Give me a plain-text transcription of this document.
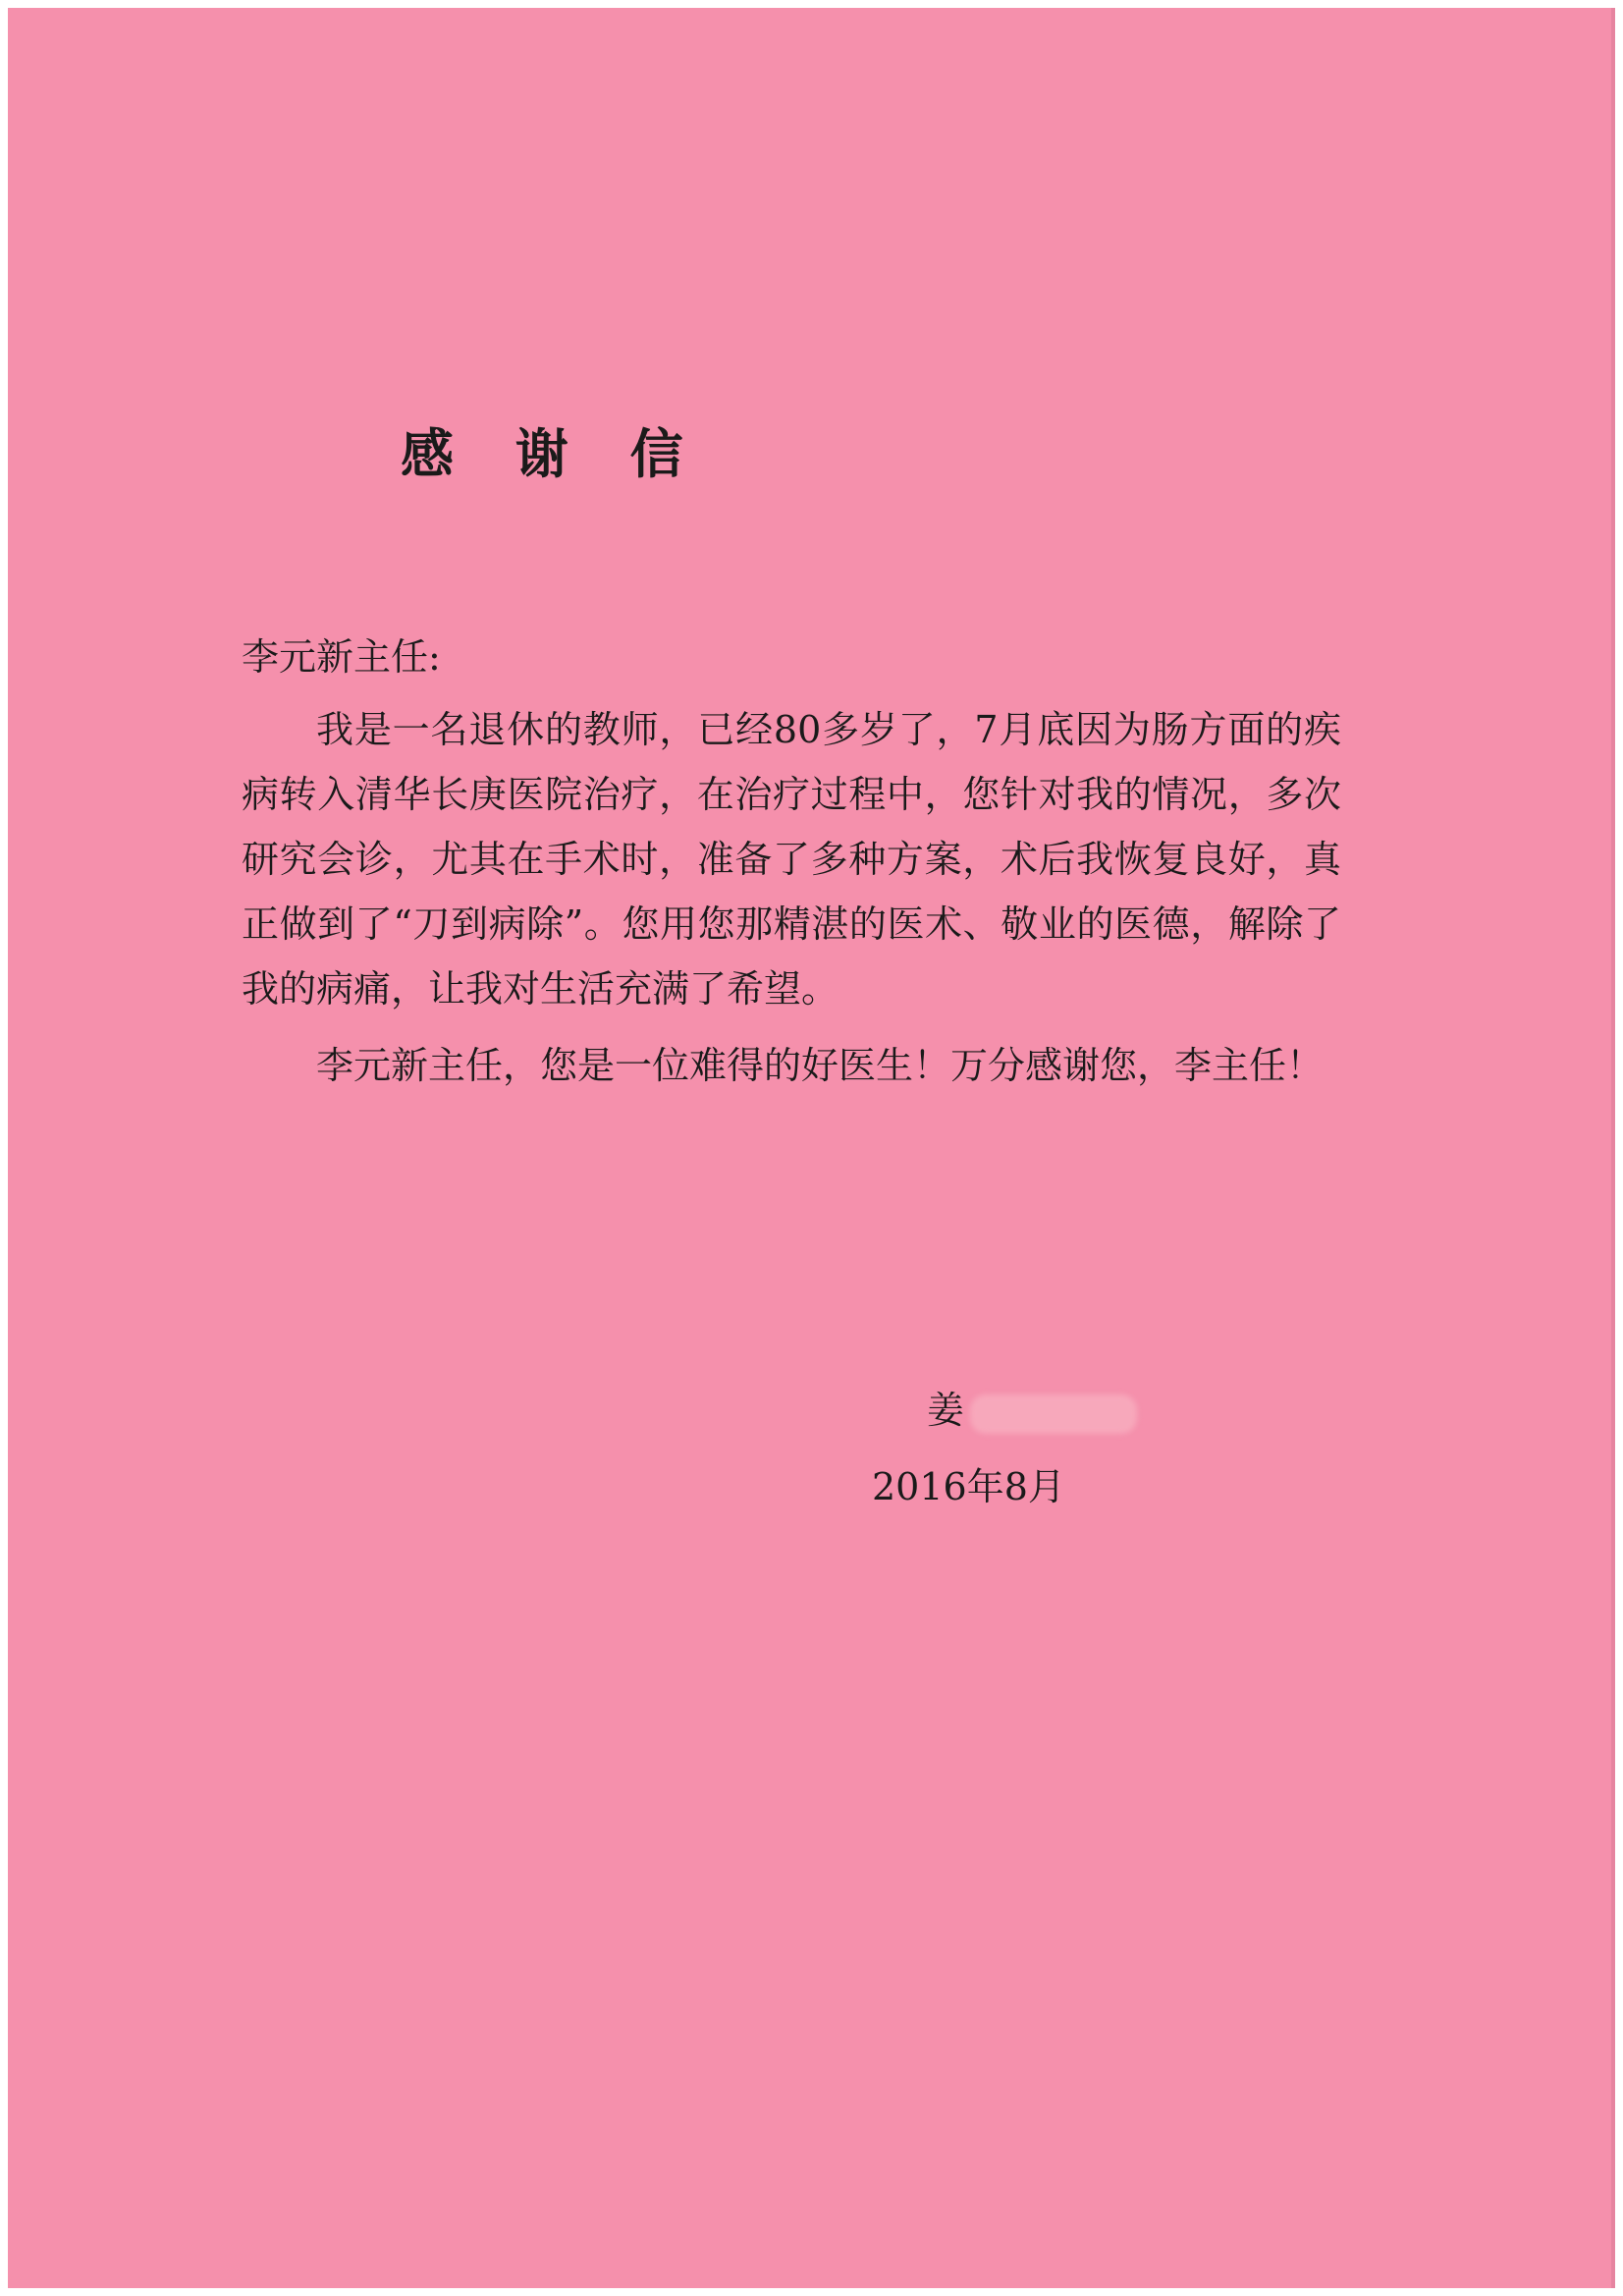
感 谢 信

李元新主任:

我是一名退休的教师，已经80多岁了，7月底因为肠方面的疾病转入清华长庚医院治疗，在治疗过程中，您针对我的情况，多次研究会诊，尤其在手术时，准备了多种方案，术后我恢复良好，真正做到了“刀到病除”。您用您那精湛的医术、敬业的医德，解除了我的病痛，让我对生活充满了希望。

李元新主任，您是一位难得的好医生！万分感谢您，李主任！

姜
2016年8月
